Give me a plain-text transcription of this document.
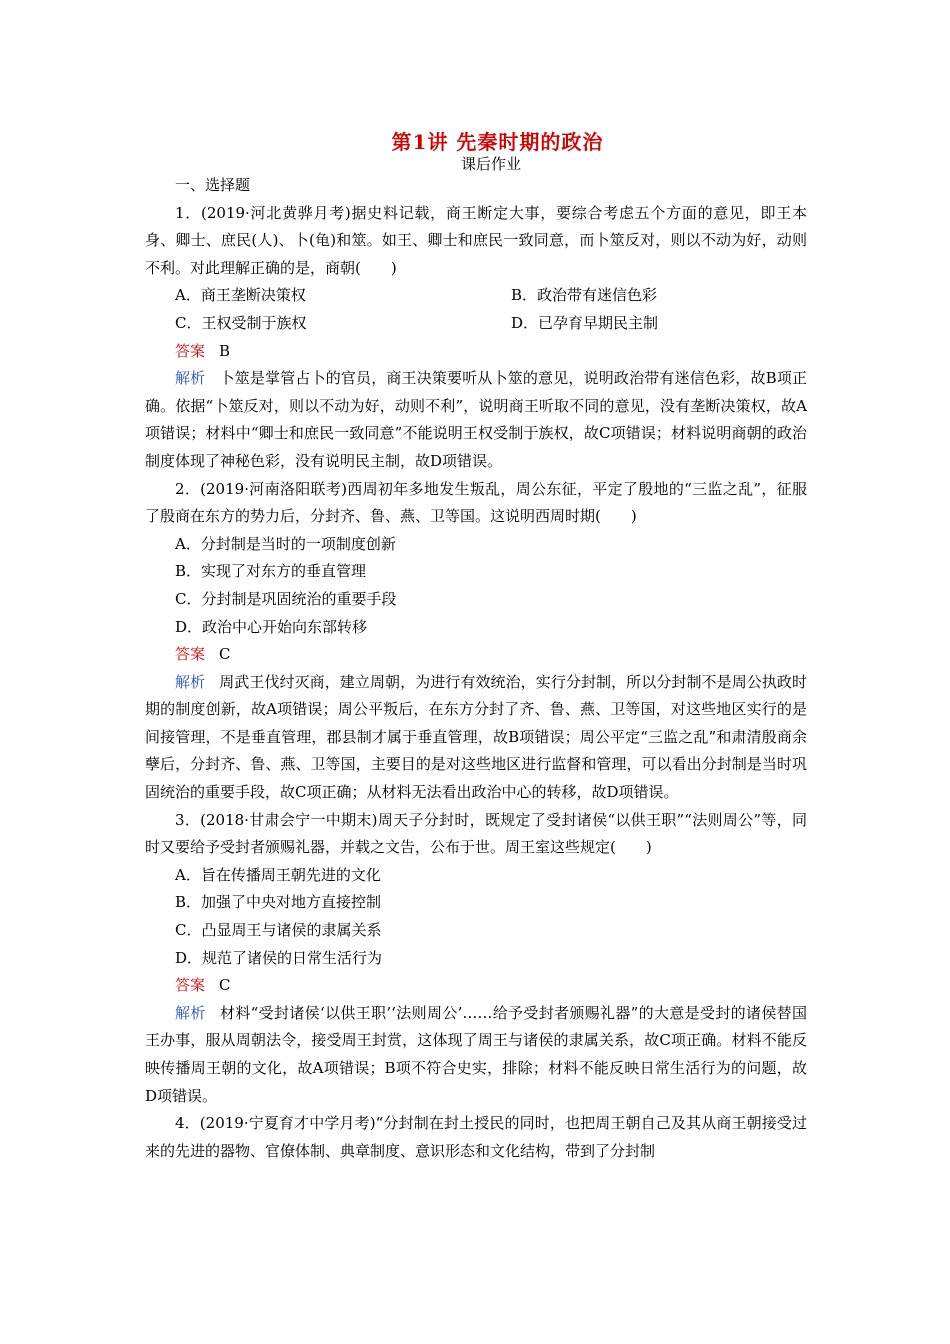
第1讲 先秦时期的政治
课后作业

一、选择题

1．(2019·河北黄骅月考)据史料记载，商王断定大事，要综合考虑五个方面的意见，即王本身、卿士、庶民(人)、卜(龟)和筮。如王、卿士和庶民一致同意，而卜筮反对，则以不动为好，动则不利。对此理解正确的是，商朝(　　)

A．商王垄断决策权	B．政治带有迷信色彩
C．王权受制于族权	D．已孕育早期民主制

答案 B

解析 卜筮是掌管占卜的官员，商王决策要听从卜筮的意见，说明政治带有迷信色彩，故B项正确。依据“卜筮反对，则以不动为好，动则不利”，说明商王听取不同的意见，没有垄断决策权，故A项错误；材料中“卿士和庶民一致同意”不能说明王权受制于族权，故C项错误；材料说明商朝的政治制度体现了神秘色彩，没有说明民主制，故D项错误。

2．(2019·河南洛阳联考)西周初年多地发生叛乱，周公东征，平定了殷地的“三监之乱”，征服了殷商在东方的势力后，分封齐、鲁、燕、卫等国。这说明西周时期(　　)

A．分封制是当时的一项制度创新

B．实现了对东方的垂直管理

C．分封制是巩固统治的重要手段

D．政治中心开始向东部转移

答案 C

解析 周武王伐纣灭商，建立周朝，为进行有效统治，实行分封制，所以分封制不是周公执政时期的制度创新，故A项错误；周公平叛后，在东方分封了齐、鲁、燕、卫等国，对这些地区实行的是间接管理，不是垂直管理，郡县制才属于垂直管理，故B项错误；周公平定“三监之乱”和肃清殷商余孽后，分封齐、鲁、燕、卫等国，主要目的是对这些地区进行监督和管理，可以看出分封制是当时巩固统治的重要手段，故C项正确；从材料无法看出政治中心的转移，故D项错误。

3．(2018·甘肃会宁一中期末)周天子分封时，既规定了受封诸侯“以供王职”“法则周公”等，同时又要给予受封者颁赐礼器，并载之文告，公布于世。周王室这些规定(　　)

A．旨在传播周王朝先进的文化

B．加强了中央对地方直接控制

C．凸显周王与诸侯的隶属关系

D．规范了诸侯的日常生活行为

答案 C

解析 材料“受封诸侯‘以供王职’‘法则周公’……给予受封者颁赐礼器”的大意是受封的诸侯替国王办事，服从周朝法令，接受周王封赏，这体现了周王与诸侯的隶属关系，故C项正确。材料不能反映传播周王朝的文化，故A项错误；B项不符合史实，排除；材料不能反映日常生活行为的问题，故D项错误。

4．(2019·宁夏育才中学月考)“分封制在封土授民的同时，也把周王朝自己及其从商王朝接受过来的先进的器物、官僚体制、典章制度、意识形态和文化结构，带到了分封制
